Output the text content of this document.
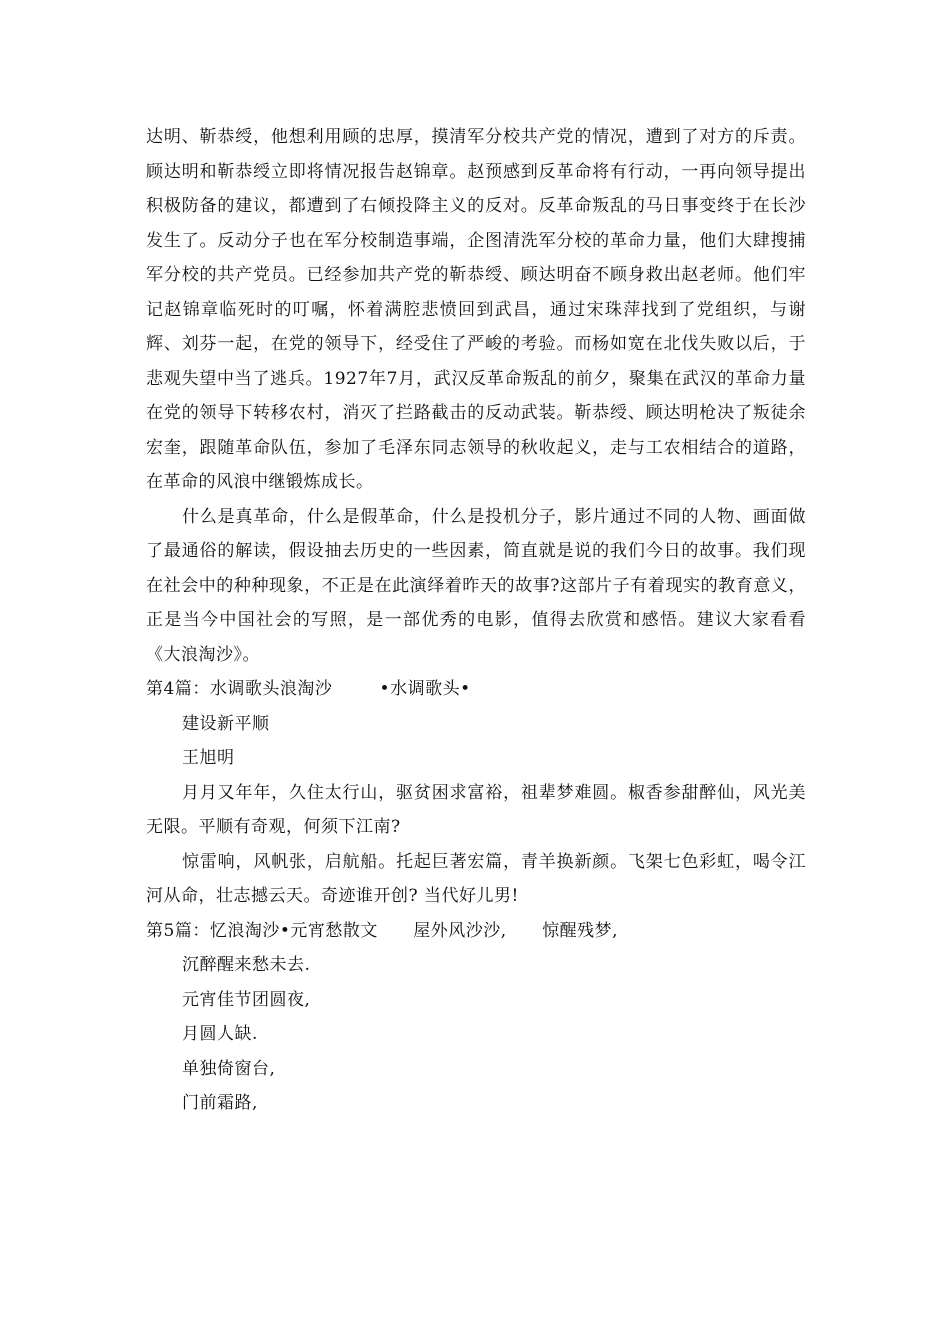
达明、靳恭绶，他想利用顾的忠厚，摸清军分校共产党的情况，遭到了对方的斥责。顾达明和靳恭绶立即将情况报告赵锦章。赵预感到反革命将有行动，一再向领导提出积极防备的建议，都遭到了右倾投降主义的反对。反革命叛乱的马日事变终于在长沙发生了。反动分子也在军分校制造事端，企图清洗军分校的革命力量，他们大肆搜捕军分校的共产党员。已经参加共产党的靳恭绶、顾达明奋不顾身救出赵老师。他们牢记赵锦章临死时的叮嘱，怀着满腔悲愤回到武昌，通过宋珠萍找到了党组织，与谢辉、刘芬一起，在党的领导下，经受住了严峻的考验。而杨如宽在北伐失败以后，于悲观失望中当了逃兵。1927年7月，武汉反革命叛乱的前夕，聚集在武汉的革命力量在党的领导下转移农村，消灭了拦路截击的反动武装。靳恭绶、顾达明枪决了叛徒余宏奎，跟随革命队伍，参加了毛泽东同志领导的秋收起义，走与工农相结合的道路，在革命的风浪中继锻炼成长。

什么是真革命，什么是假革命，什么是投机分子，影片通过不同的人物、画面做了最通俗的解读，假设抽去历史的一些因素，简直就是说的我们今日的故事。我们现在社会中的种种现象，不正是在此演绎着昨天的故事?这部片子有着现实的教育意义，正是当今中国社会的写照，是一部优秀的电影，值得去欣赏和感悟。建议大家看看《大浪淘沙》。

第4篇：水调歌头浪淘沙        •水调歌头•

建设新平顺

王旭明

月月又年年，久住太行山，驱贫困求富裕，祖辈梦难圆。椒香参甜醉仙，风光美无限。平顺有奇观，何须下江南?

惊雷响，风帆张，启航船。托起巨著宏篇，青羊换新颜。飞架七色彩虹，喝令江河从命，壮志撼云天。奇迹谁开创? 当代好儿男!

第5篇：忆浪淘沙•元宵愁散文      屋外风沙沙,      惊醒残梦,

沉醉醒来愁未去.

元宵佳节团圆夜,

月圆人缺.

单独倚窗台,

门前霜路,
